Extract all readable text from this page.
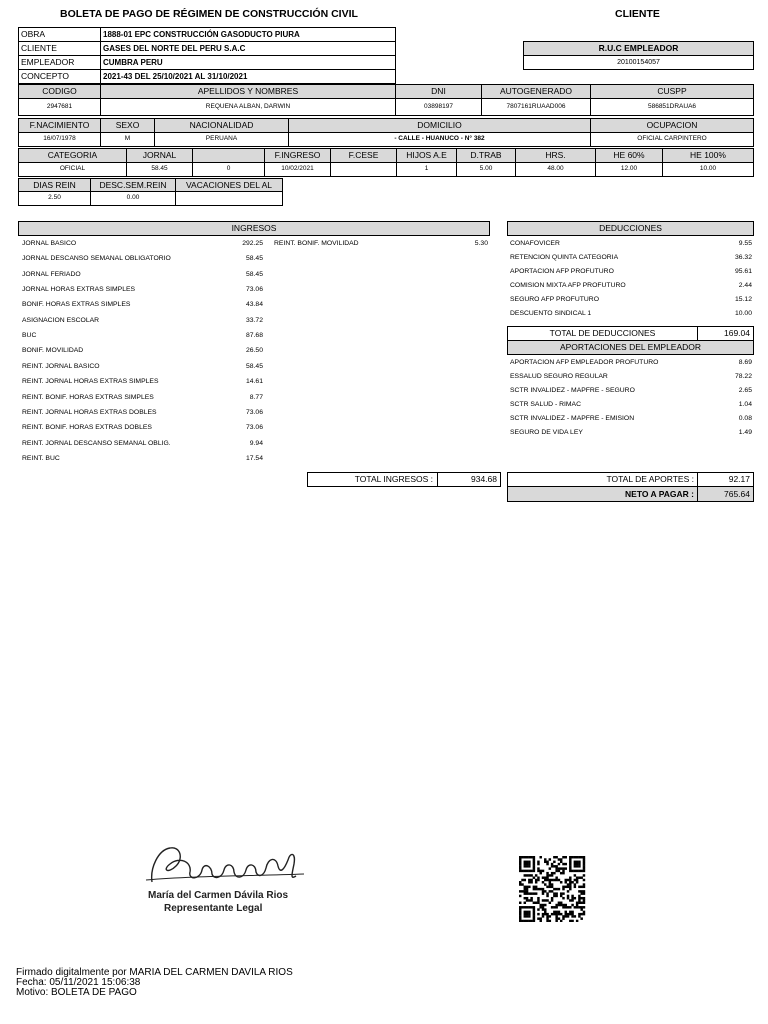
BOLETA DE PAGO DE RÉGIMEN DE CONSTRUCCIÓN CIVIL	CLIENTE
OBRA	1888-01 EPC CONSTRUCCIÓN GASODUCTO PIURA
CLIENTE	GASES DEL NORTE DEL PERU S.A.C
EMPLEADOR	CUMBRA PERU
CONCEPTO	2021-43 DEL 25/10/2021 AL 31/10/2021
R.U.C EMPLEADOR
20100154057
CODIGO	APELLIDOS Y NOMBRES	DNI	AUTOGENERADO	CUSPP
2947681	REQUENA ALBAN, DARWIN	03898197	7807161RUAAD006	586851DRAUA6
F.NACIMIENTO	SEXO	NACIONALIDAD	DOMICILIO	OCUPACION
16/07/1978	M	PERUANA	- CALLE - HUANUCO - N° 382	OFICIAL CARPINTERO
CATEGORIA	JORNAL	F.INGRESO	F.CESE	HIJOS A.E	D.TRAB	HRS.	HE 60%	HE 100%
OFICIAL	58.45	0	10/02/2021	1	5.00	48.00	12.00	10.00
DIAS REIN	DESC.SEM.REIN	VACACIONES DEL AL
2.50	0.00
INGRESOS
JORNAL BASICO	292.25
JORNAL DESCANSO SEMANAL OBLIGATORIO	58.45
JORNAL FERIADO	58.45
JORNAL HORAS EXTRAS SIMPLES	73.06
BONIF. HORAS EXTRAS SIMPLES	43.84
ASIGNACION ESCOLAR	33.72
BUC	87.68
BONIF. MOVILIDAD	26.50
REINT. JORNAL BASICO	58.45
REINT. JORNAL HORAS EXTRAS SIMPLES	14.61
REINT. BONIF. HORAS EXTRAS SIMPLES	8.77
REINT. JORNAL HORAS EXTRAS DOBLES	73.06
REINT. BONIF. HORAS EXTRAS DOBLES	73.06
REINT. JORNAL DESCANSO SEMANAL OBLIG.	9.94
REINT. BUC	17.54
REINT. BONIF. MOVILIDAD	5.30
TOTAL INGRESOS :	934.68
DEDUCCIONES
CONAFOVICER	9.55
RETENCION QUINTA CATEGORIA	36.32
APORTACION AFP PROFUTURO	95.61
COMISION MIXTA AFP PROFUTURO	2.44
SEGURO AFP PROFUTURO	15.12
DESCUENTO SINDICAL 1	10.00
TOTAL DE DEDUCCIONES	169.04
APORTACIONES DEL EMPLEADOR
APORTACION AFP EMPLEADOR PROFUTURO	8.69
ESSALUD SEGURO REGULAR	78.22
SCTR INVALIDEZ - MAPFRE - SEGURO	2.65
SCTR SALUD - RIMAC	1.04
SCTR INVALIDEZ - MAPFRE - EMISION	0.08
SEGURO DE VIDA LEY	1.49
TOTAL DE APORTES :	92.17
NETO A PAGAR :	765.64
María del Carmen Dávila Rios
Representante Legal
Firmado digitalmente por MARIA DEL CARMEN DAVILA RIOS
Fecha: 05/11/2021 15:06:38
Motivo: BOLETA DE PAGO
